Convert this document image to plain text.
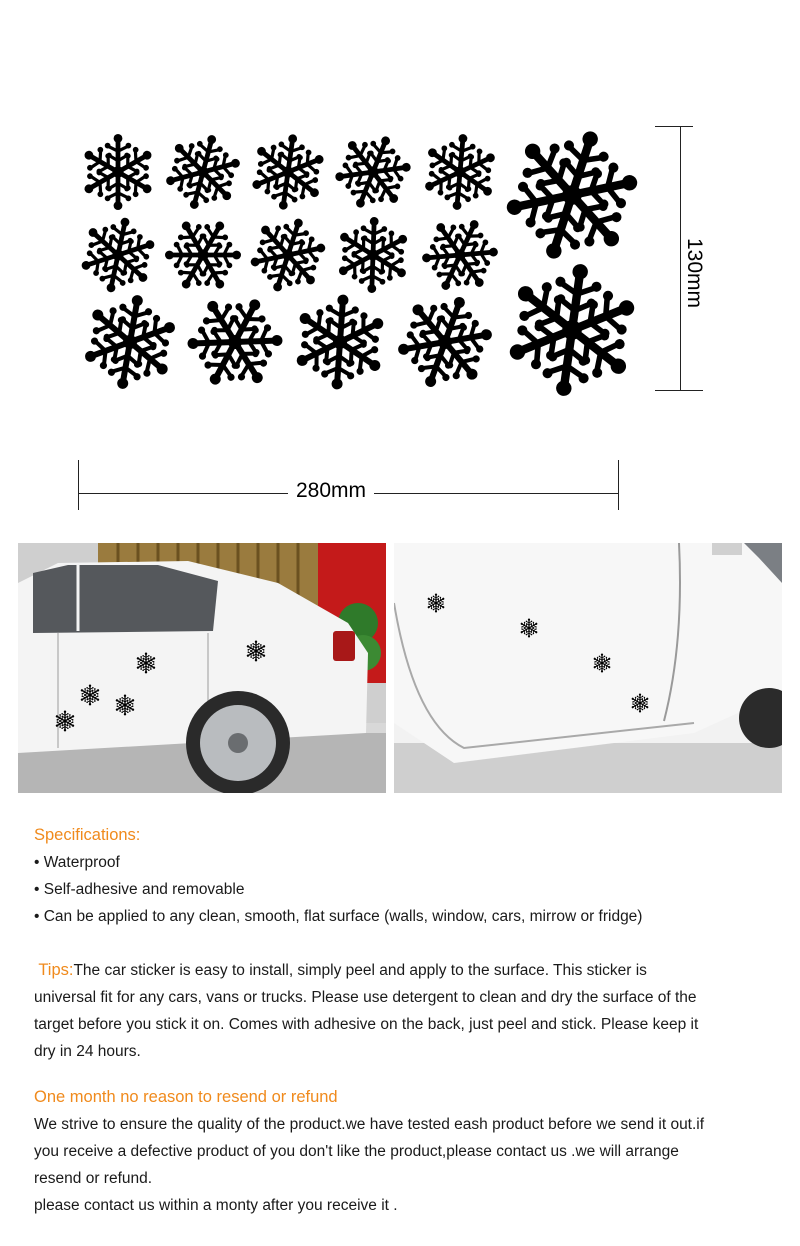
130mm
280mm

Specifications:

• Waterproof

• Self-adhesive and removable

• Can be applied to any clean, smooth, flat surface (walls, window, cars, mirrow or fridge)

Tips:The car sticker is easy to install, simply peel and apply to the surface. This sticker is universal fit for any cars, vans or trucks. Please use detergent to clean and dry the surface of the target before you stick it on. Comes with adhesive on the back, just peel and stick. Please keep it dry in 24 hours.

One month no reason to resend or refund

We strive to ensure the quality of the product.we have tested eash product before we send it out.if you receive a defective product of you don't like the product,please contact us .we will arrange resend or refund.

please contact us within a monty after you receive it .
